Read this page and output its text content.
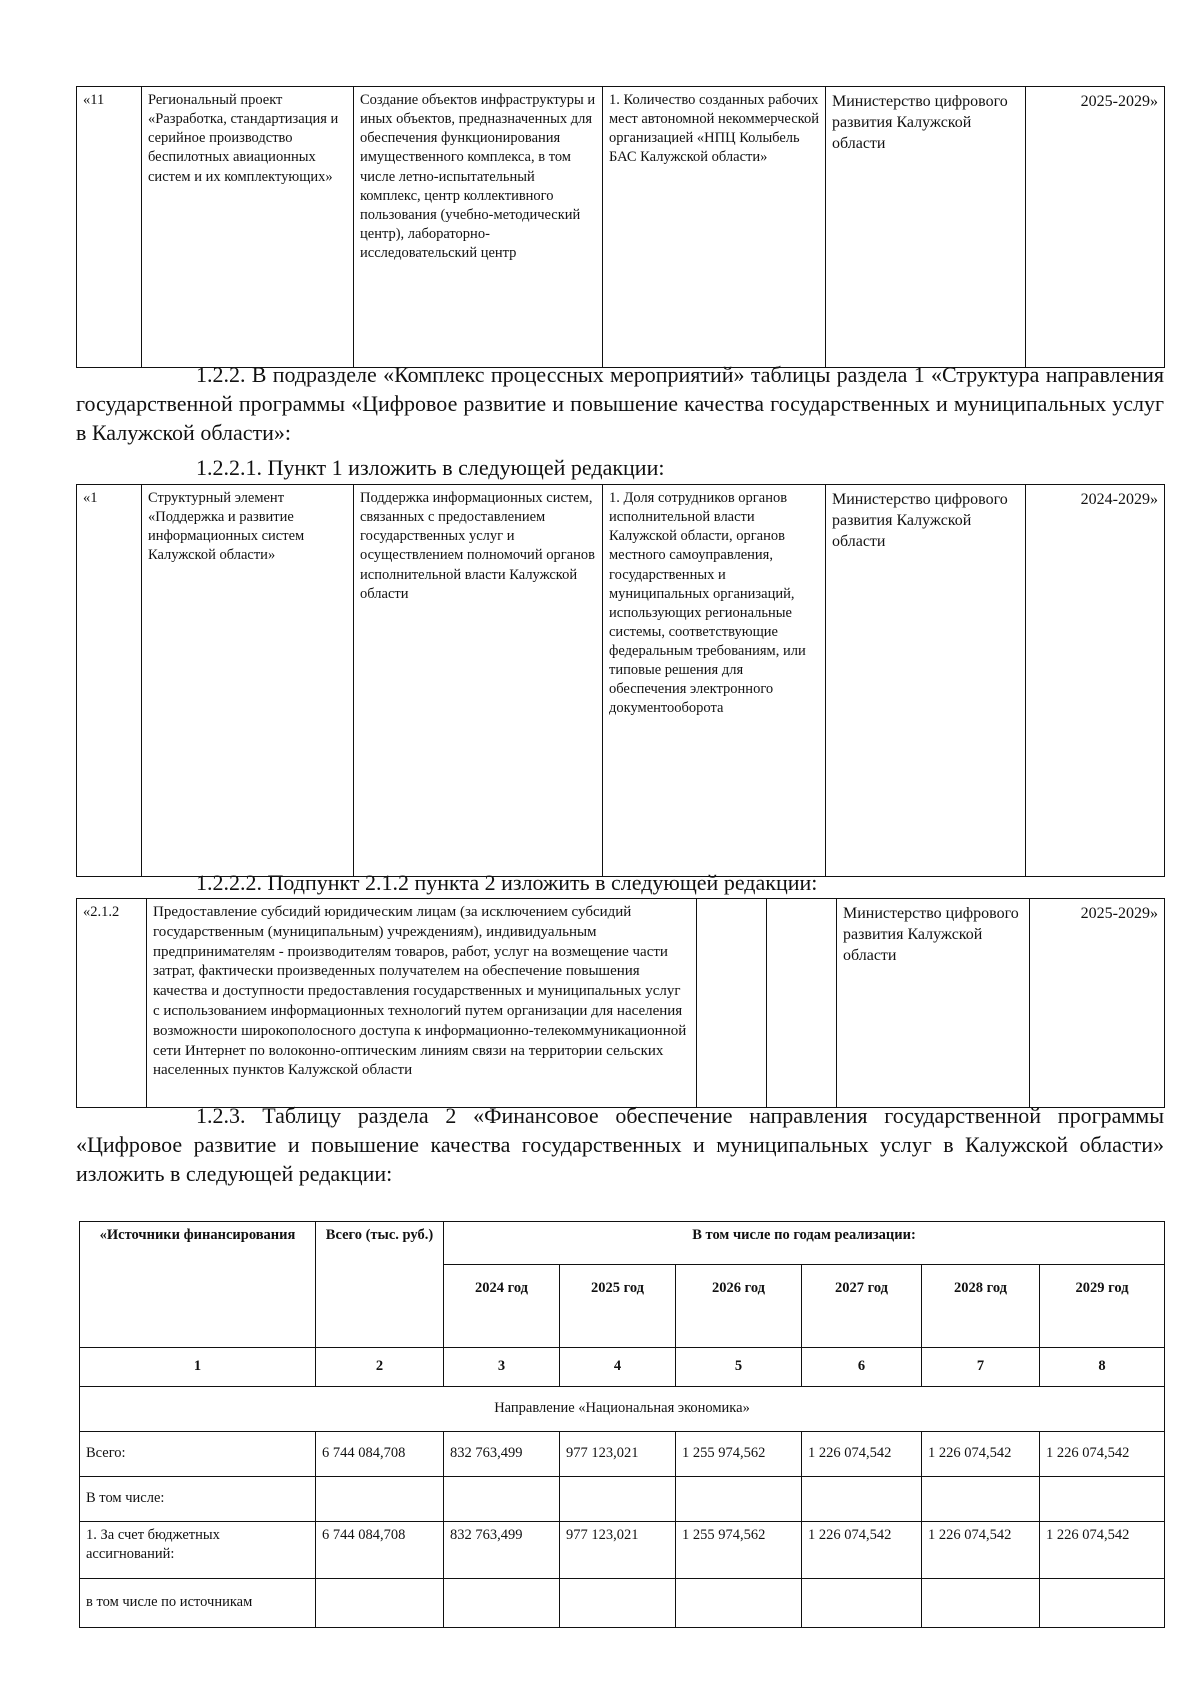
«11	Региональный проект «Разработка, стандартизация и серийное производство беспилотных авиационных систем и их комплектующих»	Создание объектов инфраструктуры и иных объектов, предназначенных для обеспечения функционирования имущественного комплекса, в том числе летно-испытательный комплекс, центр коллективного пользования (учебно-методический центр), лабораторно-исследовательский центр	1. Количество созданных рабочих мест автономной некоммерческой организацией «НПЦ Колыбель БАС Калужской области»	Министерство цифрового развития Калужской области	2025-2029»
1.2.2. В подразделе «Комплекс процессных мероприятий» таблицы раздела 1 «Структура направления государственной программы «Цифровое развитие и повышение качества государственных и муниципальных услуг в Калужской области»:
1.2.2.1. Пункт 1 изложить в следующей редакции:
«1	Структурный элемент «Поддержка и развитие информационных систем Калужской области»	Поддержка информационных систем, связанных с предоставлением государственных услуг и осуществлением полномочий органов исполнительной власти Калужской области	1. Доля сотрудников органов исполнительной власти Калужской области, органов местного самоуправления, государственных и муниципальных организаций, использующих региональные системы, соответствующие федеральным требованиям, или типовые решения для обеспечения электронного документооборота	Министерство цифрового развития Калужской области	2024-2029»
1.2.2.2. Подпункт 2.1.2 пункта 2 изложить в следующей редакции:
«2.1.2	Предоставление субсидий юридическим лицам (за исключением субсидий государственным (муниципальным) учреждениям), индивидуальным предпринимателям - производителям товаров, работ, услуг на возмещение части затрат, фактически произведенных получателем на обеспечение повышения качества и доступности предоставления государственных и муниципальных услуг с использованием информационных технологий путем организации для населения возможности широкополосного доступа к информационно-телекоммуникационной сети Интернет по волоконно-оптическим линиям связи на территории сельских населенных пунктов Калужской области			Министерство цифрового развития Калужской области	2025-2029»
1.2.3. Таблицу раздела 2 «Финансовое обеспечение направления государственной программы «Цифровое развитие и повышение качества государственных и муниципальных услуг в Калужской области» изложить в следующей редакции:
«Источники финансирования	Всего (тыс. руб.)	В том числе по годам реализации:					
		2024 год	2025 год	2026 год	2027 год	2028 год	2029 год
1	2	3	4	5	6	7	8
Направление «Национальная экономика»							
Всего:	6 744 084,708	832 763,499	977 123,021	1 255 974,562	1 226 074,542	1 226 074,542	1 226 074,542
В том числе:							
1. За счет бюджетных ассигнований:	6 744 084,708	832 763,499	977 123,021	1 255 974,562	1 226 074,542	1 226 074,542	1 226 074,542
в том числе по источникам							
